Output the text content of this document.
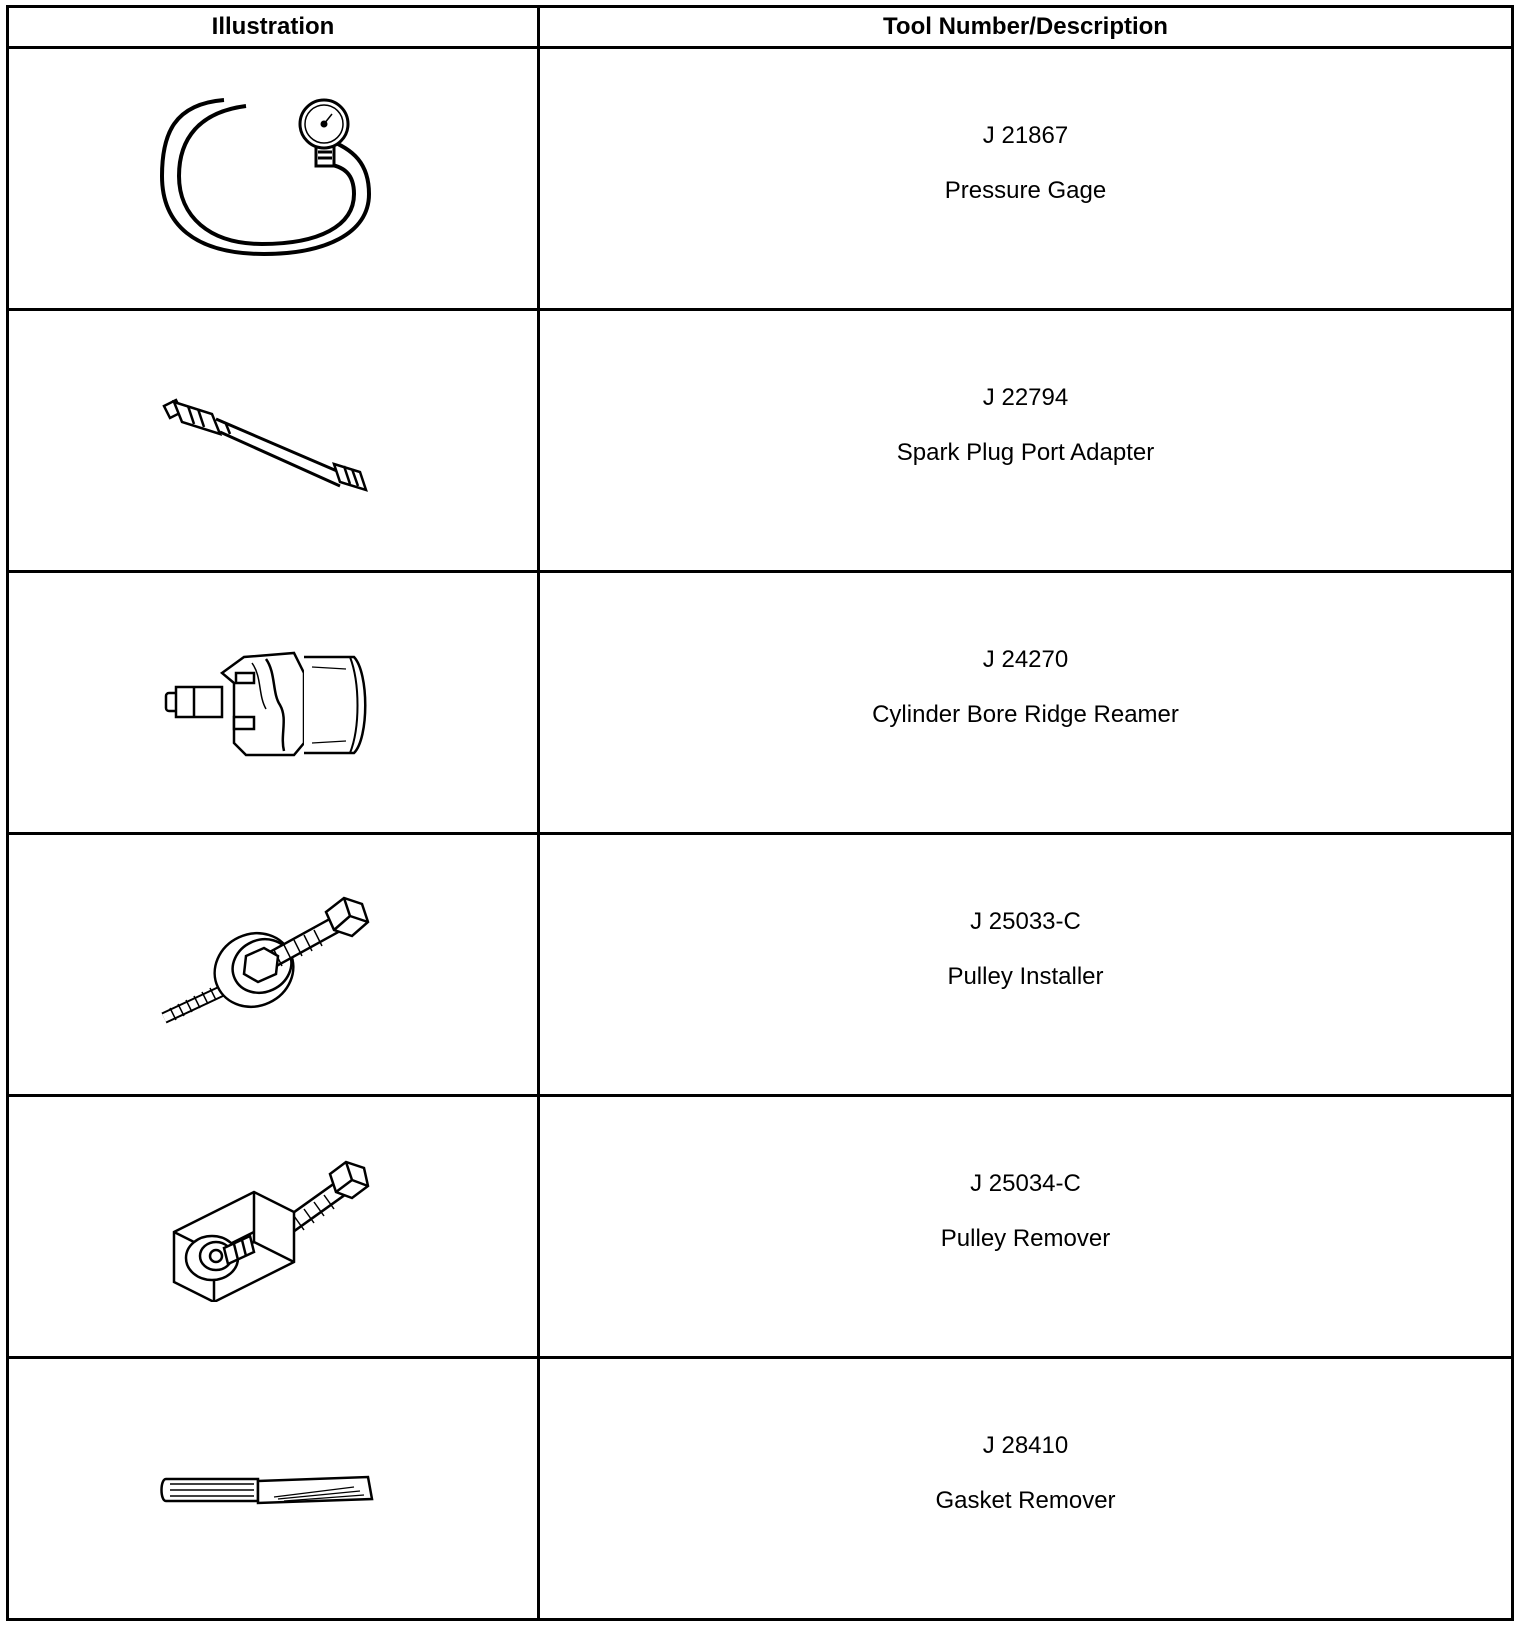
Illustration	Tool Number/Description

J 21867
Pressure Gage

J 22794
Spark Plug Port Adapter

J 24270
Cylinder Bore Ridge Reamer

J 25033-C
Pulley Installer

J 25034-C
Pulley Remover

J 28410
Gasket Remover
